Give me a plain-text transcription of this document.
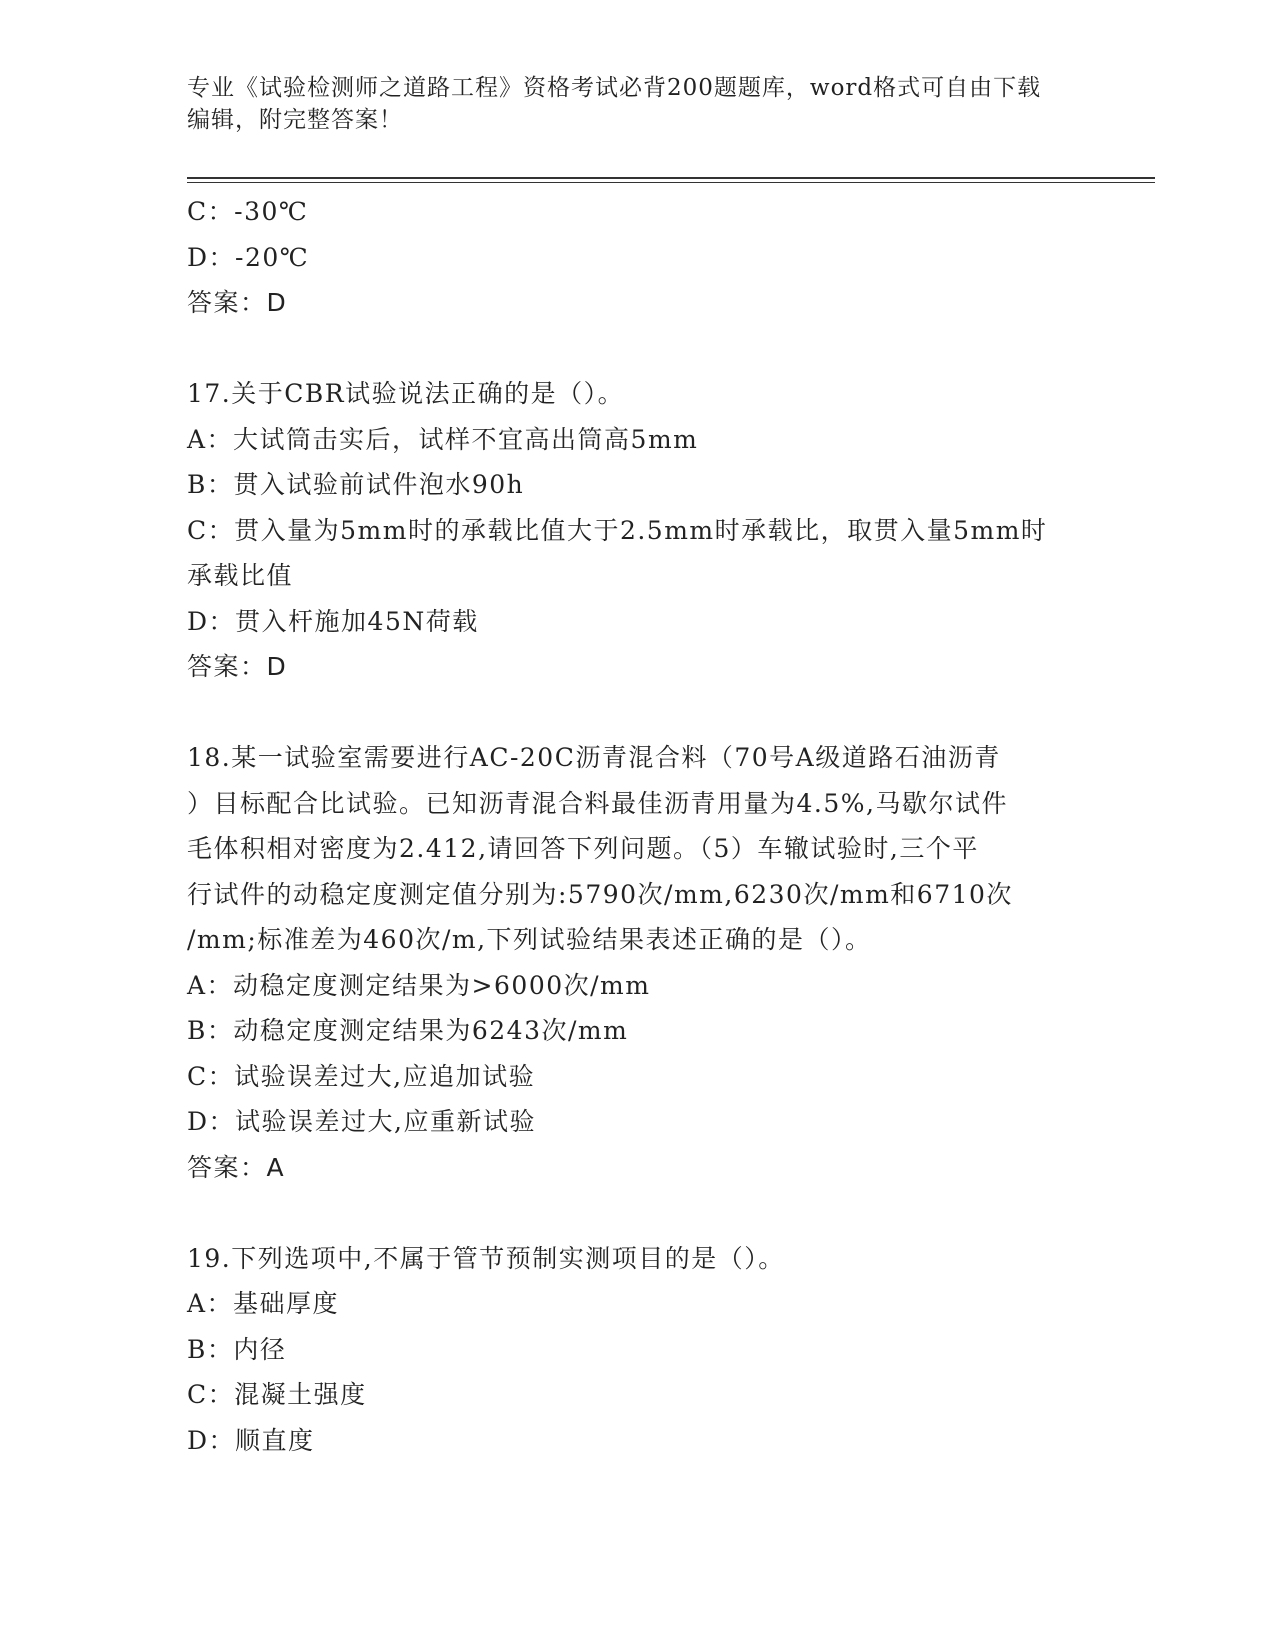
专业《试验检测师之道路工程》资格考试必背200题题库，word格式可自由下载
编辑，附完整答案！
C：-30℃
D：-20℃
答案：D
17.关于CBR试验说法正确的是（）。
A：大试筒击实后，试样不宜高出筒高5mm
B：贯入试验前试件泡水90h
C：贯入量为5mm时的承载比值大于2.5mm时承载比，取贯入量5mm时
承载比值
D：贯入杆施加45N荷载
答案：D
18.某一试验室需要进行AC-20C沥青混合料（70号A级道路石油沥青
）目标配合比试验。已知沥青混合料最佳沥青用量为4.5%,马歇尔试件
毛体积相对密度为2.412,请回答下列问题。（5）车辙试验时,三个平
行试件的动稳定度测定值分别为:5790次/mm,6230次/mm和6710次
/mm;标准差为460次/m,下列试验结果表述正确的是（）。
A：动稳定度测定结果为>6000次/mm
B：动稳定度测定结果为6243次/mm
C：试验误差过大,应追加试验
D：试验误差过大,应重新试验
答案：A
19.下列选项中,不属于管节预制实测项目的是（）。
A：基础厚度
B：内径
C：混凝土强度
D：顺直度
